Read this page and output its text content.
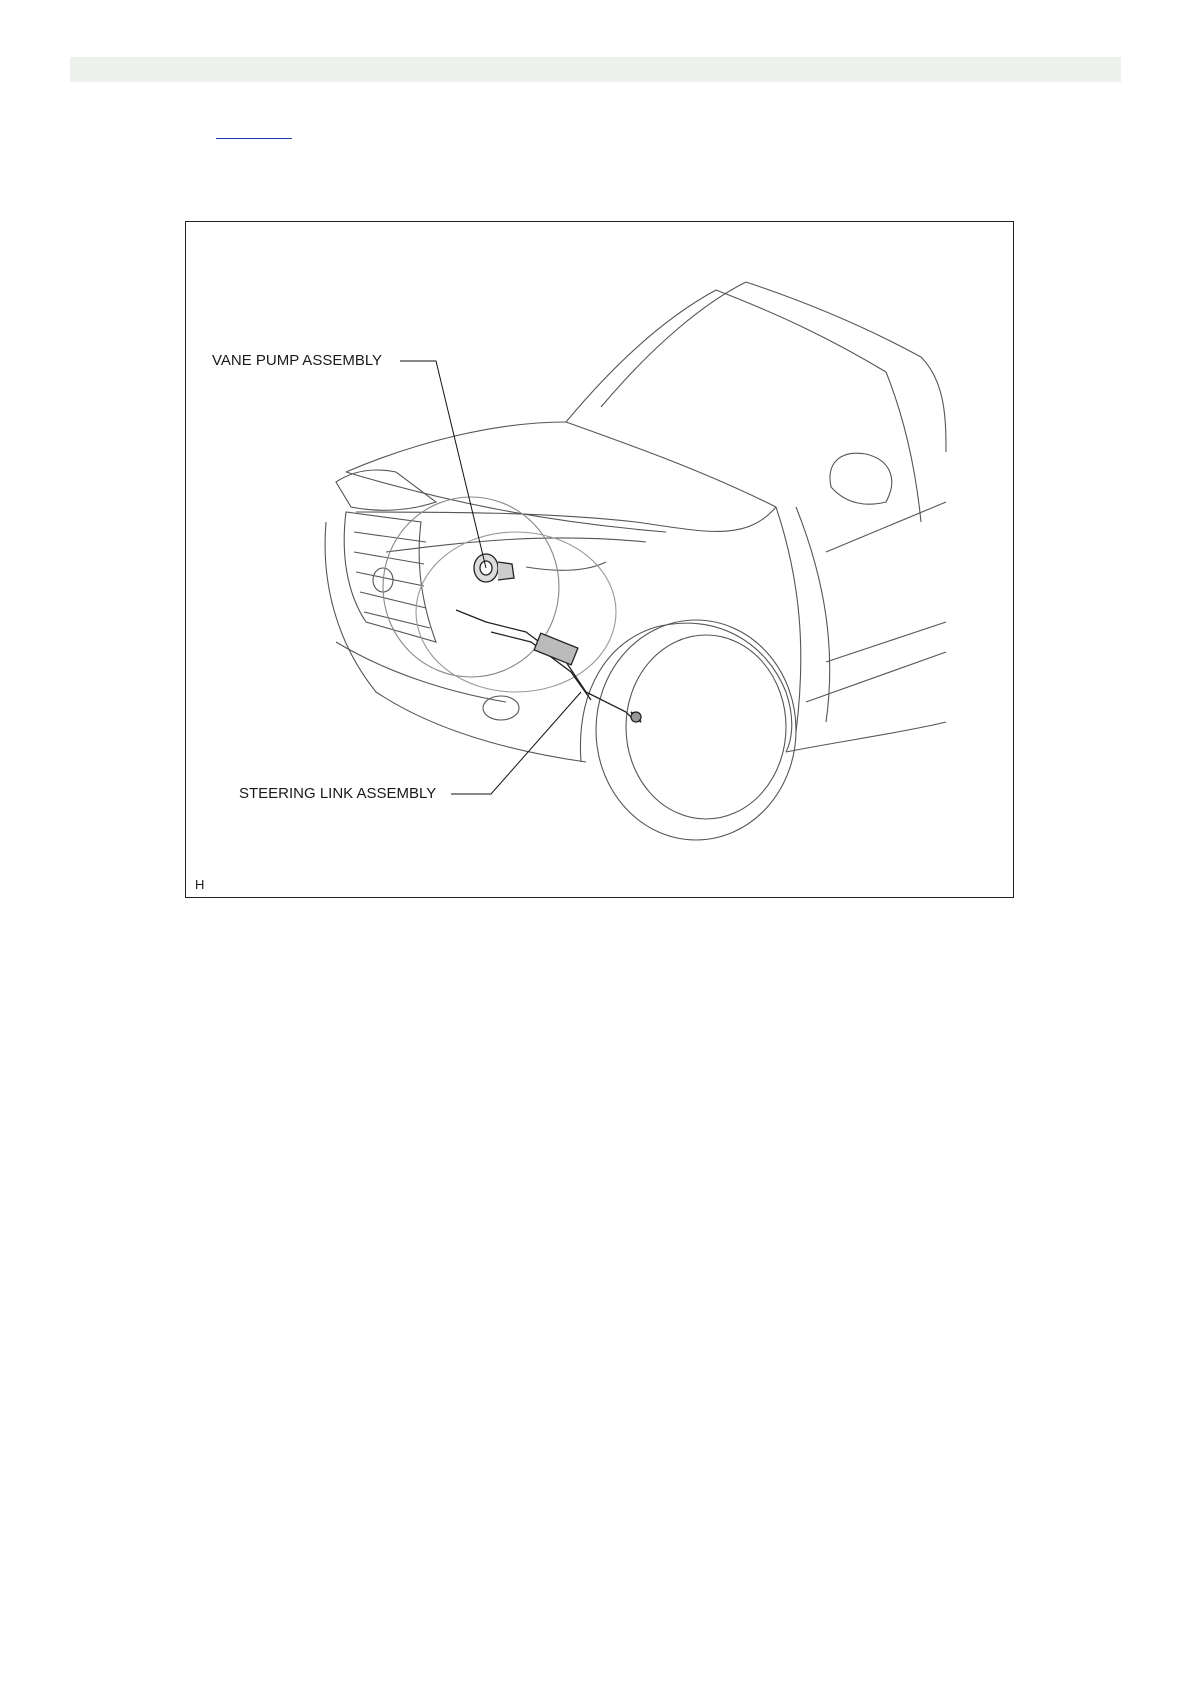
VANE PUMP ASSEMBLY
STEERING LINK ASSEMBLY
H
